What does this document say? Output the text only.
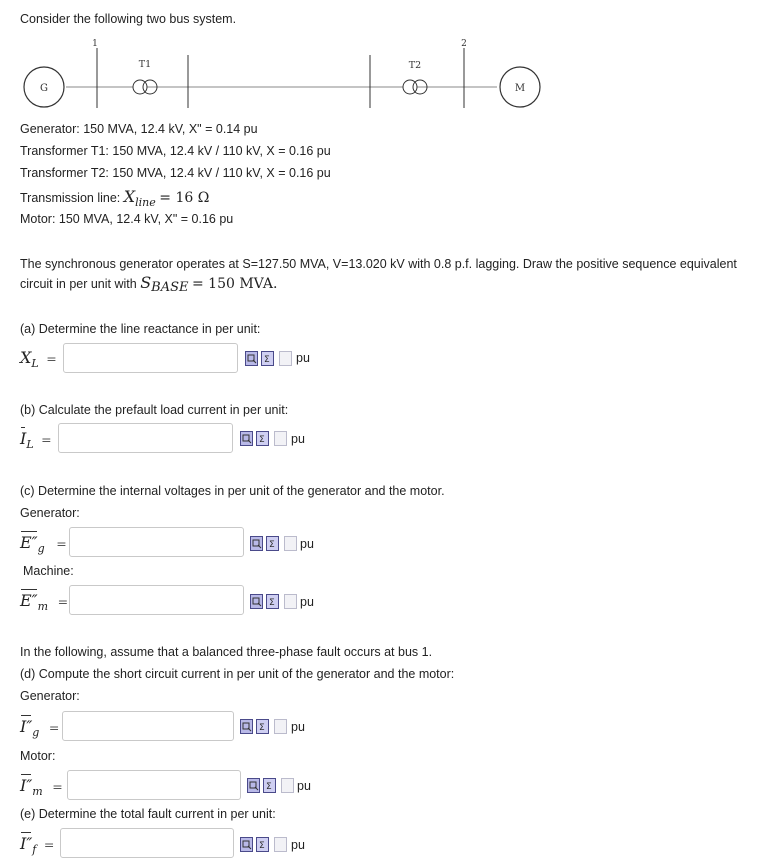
Consider the following two bus system.
G
1
T1	T2
2
M
Generator: 150 MVA, 12.4 kV, X" = 0.14 pu
Transformer T1: 150 MVA, 12.4 kV / 110 kV, X = 0.16 pu
Transformer T2: 150 MVA, 12.4 kV / 110 kV, X = 0.16 pu
Transmission line: Xline = 16 Ω
Motor: 150 MVA, 12.4 kV, X" = 0.16 pu
The synchronous generator operates at S=127.50 MVA, V=13.020 kV with 0.8 p.f. lagging. Draw the positive sequence equivalent
circuit in per unit with SBASE = 150 MVA.
(a) Determine the line reactance in per unit:
XL =
(b) Calculate the prefault load current in per unit:
IL =
(c) Determine the internal voltages in per unit of the generator and the motor.
Generator:
E″g =
Machine:
E″m =
In the following, assume that a balanced three-phase fault occurs at bus 1.
(d) Compute the short circuit current in per unit of the generator and the motor:
Generator:
I″g =
Motor:
I″m =
(e) Determine the total fault current in per unit:
I″f =
Σ pu
Σ pu
Σ pu
Σ pu
Σ pu
Σ pu
Σ pu
